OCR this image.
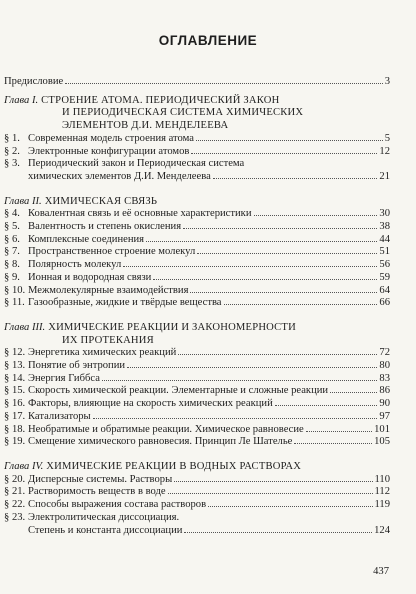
ОГЛАВЛЕНИЕ
Предисловие	3
Глава I. СТРОЕНИЕ АТОМА. ПЕРИОДИЧЕСКИЙ ЗАКОН
И ПЕРИОДИЧЕСКАЯ СИСТЕМА ХИМИЧЕСКИХ
ЭЛЕМЕНТОВ Д.И. МЕНДЕЛЕЕВА
§ 1. Современная модель строения атома	5
§ 2. Электронные конфигурации атомов	12
§ 3. Периодический закон и Периодическая система
химических элементов Д.И. Менделеева	21
Глава II. ХИМИЧЕСКАЯ СВЯЗЬ
§ 4. Ковалентная связь и её основные характеристики	30
§ 5. Валентность и степень окисления	38
§ 6. Комплексные соединения	44
§ 7. Пространственное строение молекул	51
§ 8. Полярность молекул	56
§ 9. Ионная и водородная связи	59
§ 10. Межмолекулярные взаимодействия	64
§ 11. Газообразные, жидкие и твёрдые вещества	66
Глава III. ХИМИЧЕСКИЕ РЕАКЦИИ И ЗАКОНОМЕРНОСТИ
ИХ ПРОТЕКАНИЯ
§ 12. Энергетика химических реакций	72
§ 13. Понятие об энтропии	80
§ 14. Энергия Гиббса	83
§ 15. Скорость химической реакции. Элементарные и сложные реакции	86
§ 16. Факторы, влияющие на скорость химических реакций	90
§ 17. Катализаторы	97
§ 18. Необратимые и обратимые реакции. Химическое равновесие	101
§ 19. Смещение химического равновесия. Принцип Ле Шателье	105
Глава IV. ХИМИЧЕСКИЕ РЕАКЦИИ В ВОДНЫХ РАСТВОРАХ
§ 20. Дисперсные системы. Растворы	110
§ 21. Растворимость веществ в воде	112
§ 22. Способы выражения состава растворов	119
§ 23. Электролитическая диссоциация.
Степень и константа диссоциации	124
437
